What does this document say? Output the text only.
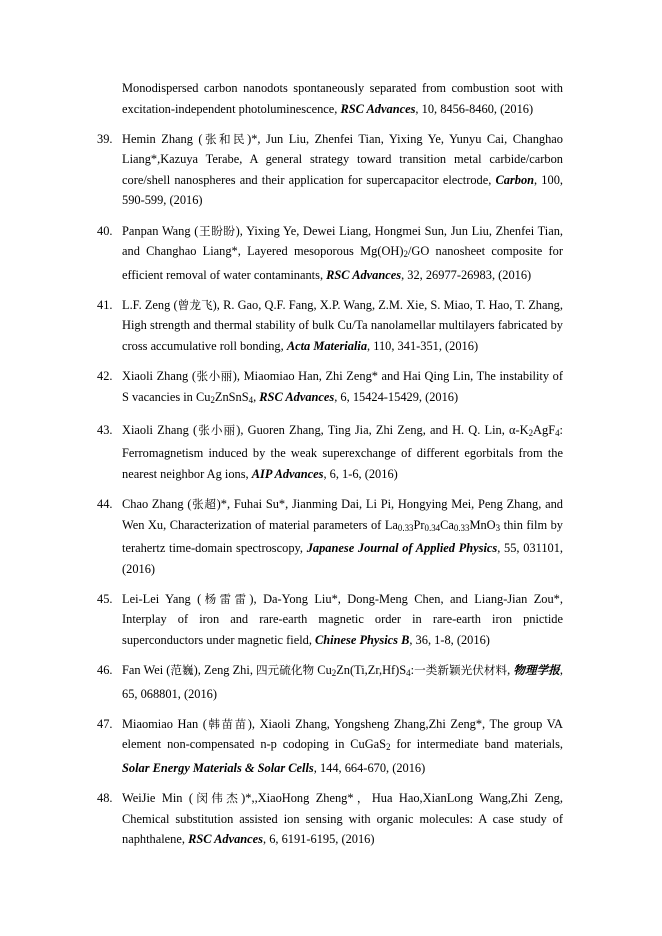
Monodispersed carbon nanodots spontaneously separated from combustion soot with excitation-independent photoluminescence, RSC Advances, 10, 8456-8460, (2016)
39. Hemin Zhang (张和民)*, Jun Liu, Zhenfei Tian, Yixing Ye, Yunyu Cai, Changhao Liang*,Kazuya Terabe, A general strategy toward transition metal carbide/carbon core/shell nanospheres and their application for supercapacitor electrode, Carbon, 100, 590-599, (2016)
40. Panpan Wang (王盼盼), Yixing Ye, Dewei Liang, Hongmei Sun, Jun Liu, Zhenfei Tian, and Changhao Liang*, Layered mesoporous $Mg(OH)_2/GO$ nanosheet composite for efficient removal of water contaminants, RSC Advances, 32, 26977-26983, (2016)
41. L.F. Zeng (曾龙飞), R. Gao, Q.F. Fang, X.P. Wang, Z.M. Xie, S. Miao, T. Hao, T. Zhang, High strength and thermal stability of bulk Cu/Ta nanolamellar multilayers fabricated by cross accumulative roll bonding, Acta Materialia, 110, 341-351, (2016)
42. Xiaoli Zhang (张小丽), Miaomiao Han, Zhi Zeng* and Hai Qing Lin, The instability of S vacancies in $Cu_2ZnSnS_4$, RSC Advances, 6, 15424-15429, (2016)
43. Xiaoli Zhang (张小丽), Guoren Zhang, Ting Jia, Zhi Zeng, and H. Q. Lin, $\alpha-K_2AgF_4$: Ferromagnetism induced by the weak superexchange of different egorbitals from the nearest neighbor Ag ions, AIP Advances, 6, 1-6, (2016)
44. Chao Zhang (张超)*, Fuhai Su*, Jianming Dai, Li Pi, Hongying Mei, Peng Zhang, and Wen Xu, Characterization of material parameters of $La_{0.33}Pr_{0.34}Ca_{0.33}MnO_3$ thin film by terahertz time-domain spectroscopy, Japanese Journal of Applied Physics, 55, 031101, (2016)
45. Lei-Lei Yang (杨雷雷), Da-Yong Liu*, Dong-Meng Chen, and Liang-Jian Zou*, Interplay of iron and rare-earth magnetic order in rare-earth iron pnictide superconductors under magnetic field, Chinese Physics B, 36, 1-8, (2016)
46. Fan Wei (范巍), Zeng Zhi, 四元硫化物 $Cu_2Zn(Ti,Zr,Hf)S_4$:一类新颖光伏材料, 物理学报, 65, 068801, (2016)
47. Miaomiao Han (韩苗苗), Xiaoli Zhang, Yongsheng Zhang,Zhi Zeng*, The group VA element non-compensated n-p codoping in CuGaS$_2$ for intermediate band materials, Solar Energy Materials & Solar Cells, 144, 664-670, (2016)
48. WeiJie Min (闵伟杰)*,,XiaoHong Zheng*，Hua Hao,XianLong Wang,Zhi Zeng, Chemical substitution assisted ion sensing with organic molecules: A case study of naphthalene, RSC Advances, 6, 6191-6195, (2016)
